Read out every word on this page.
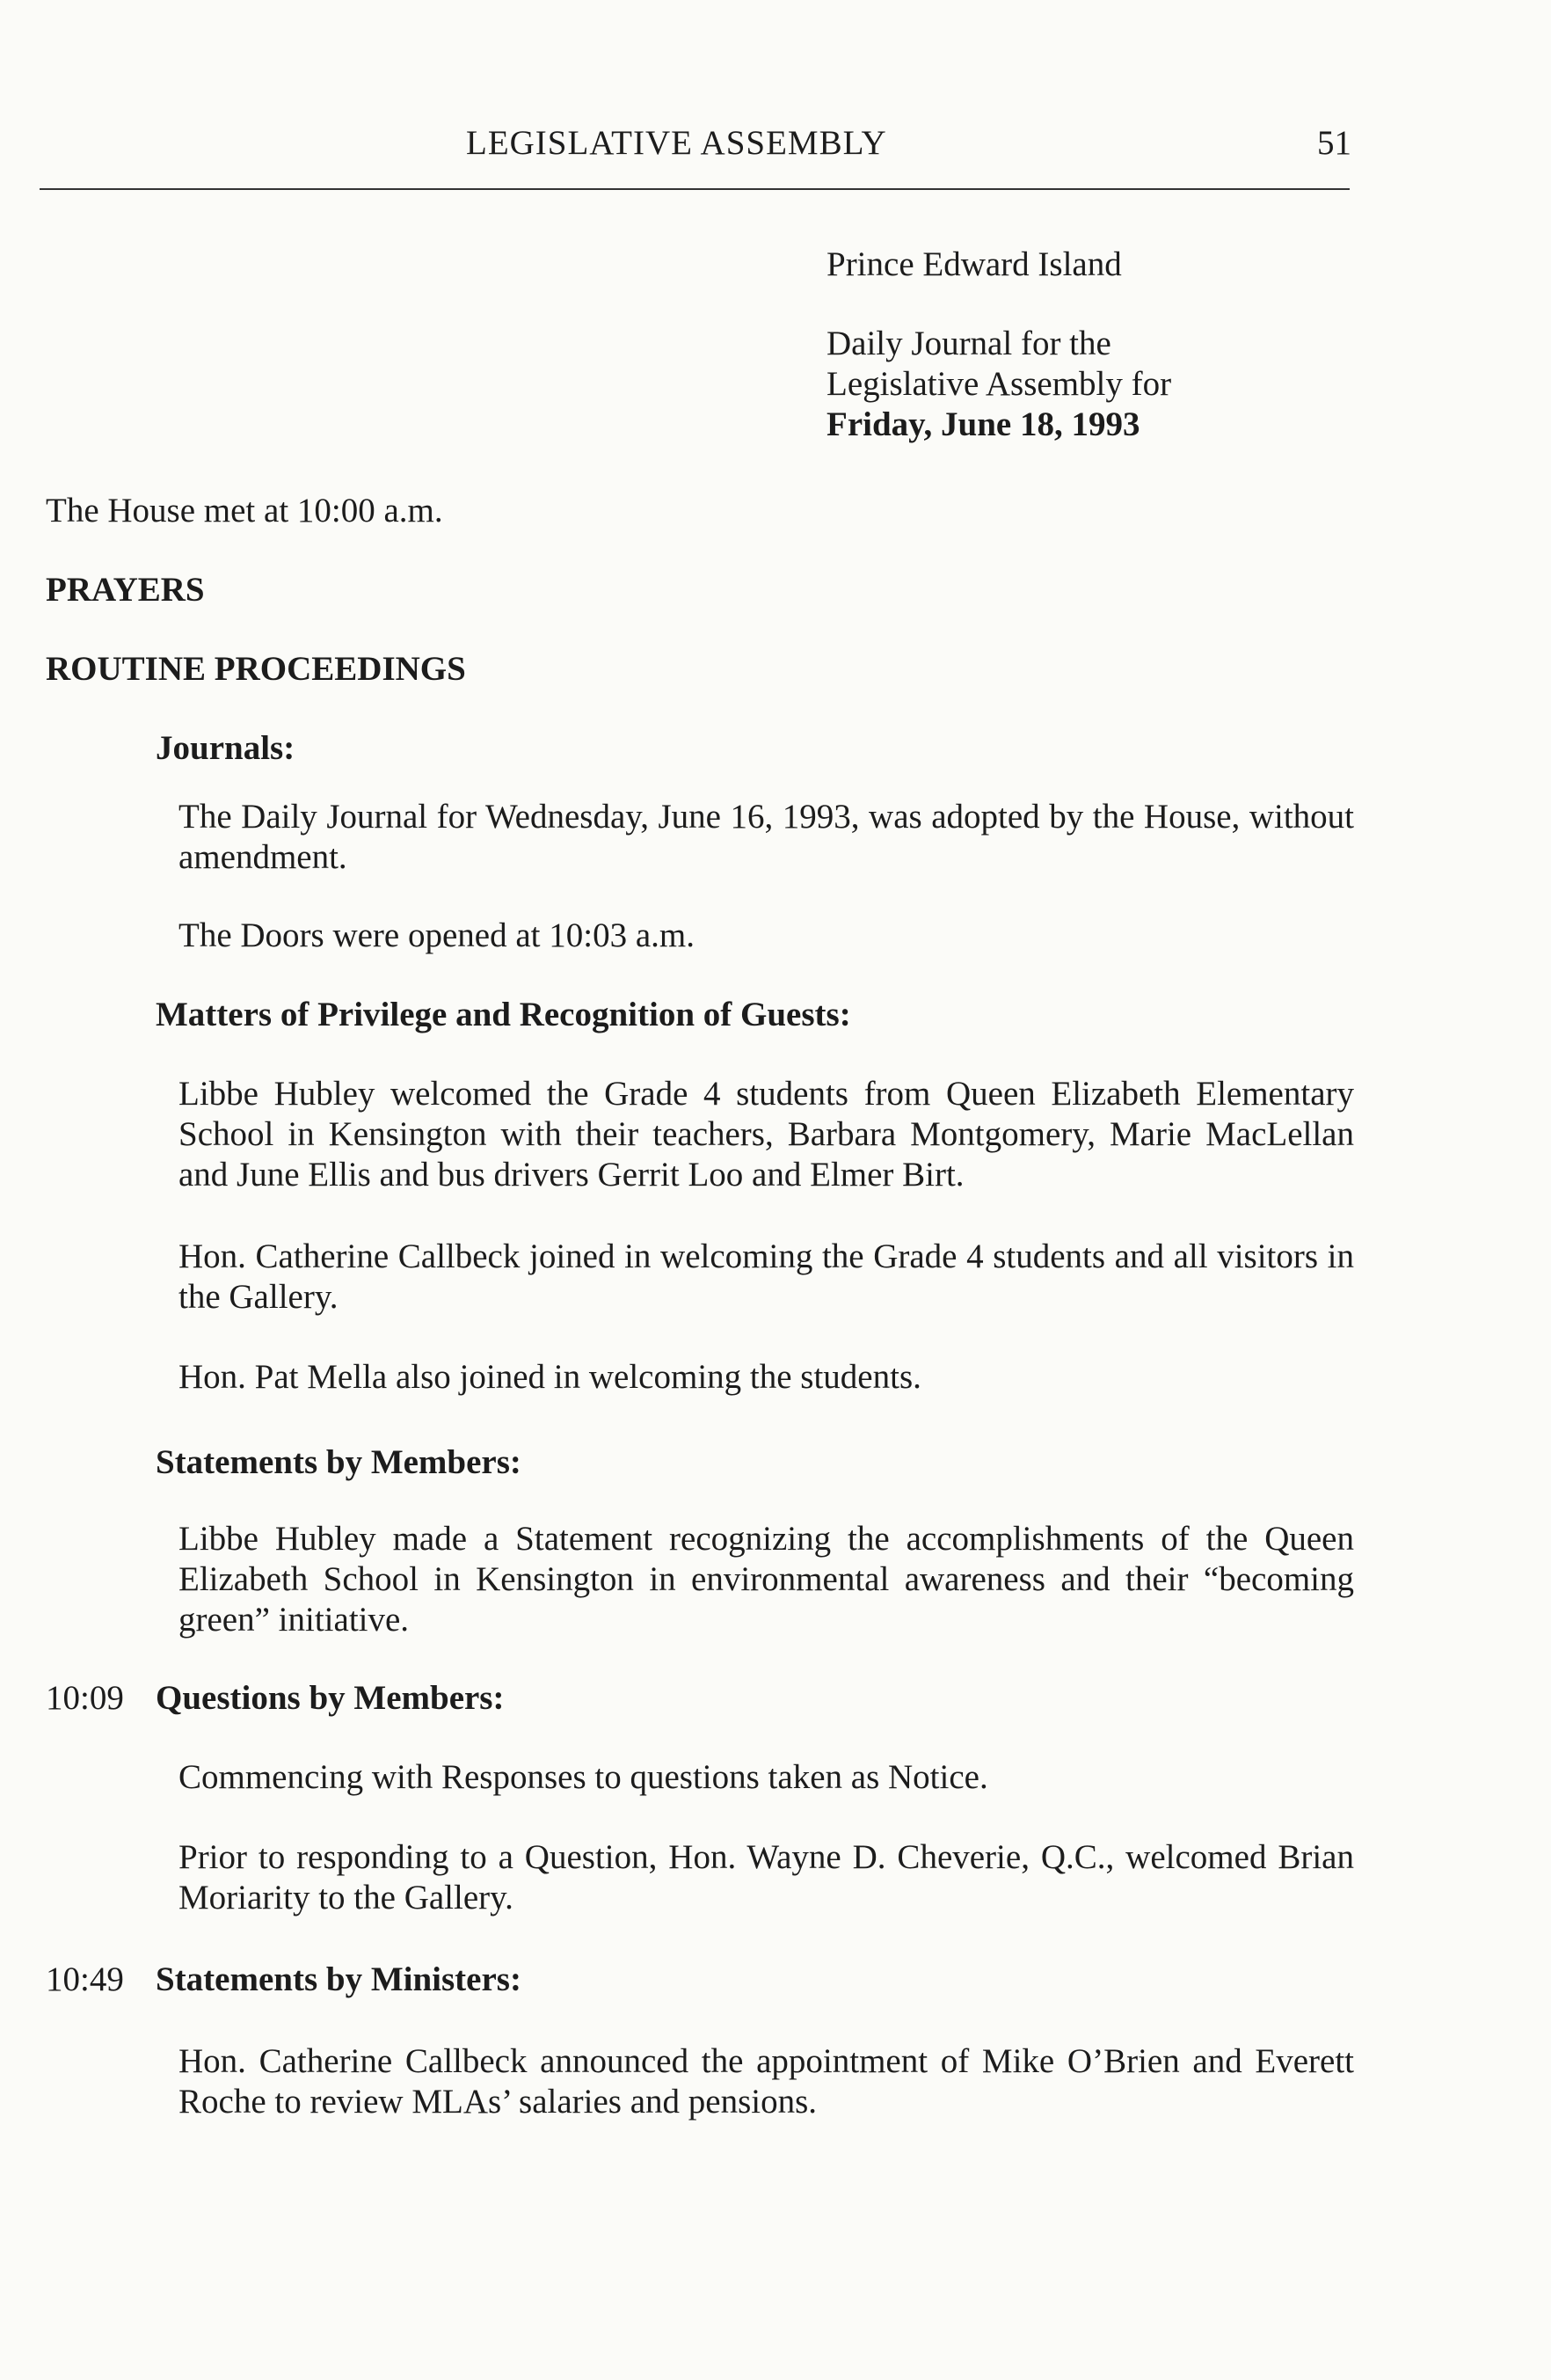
LEGISLATIVE ASSEMBLY	51

Prince Edward Island

Daily Journal for the

Legislative Assembly for

Friday, June 18, 1993

The House met at 10:00 a.m.

PRAYERS

ROUTINE PROCEEDINGS

Journals:

The Daily Journal for Wednesday, June 16, 1993, was adopted by the House, without amendment.

The Doors were opened at 10:03 a.m.

Matters of Privilege and Recognition of Guests:

Libbe Hubley welcomed the Grade 4 students from Queen Elizabeth Elementary School in Kensington with their teachers, Barbara Montgomery, Marie MacLellan and June Ellis and bus drivers Gerrit Loo and Elmer Birt.

Hon. Catherine Callbeck joined in welcoming the Grade 4 students and all visitors in the Gallery.

Hon. Pat Mella also joined in welcoming the students.

Statements by Members:

Libbe Hubley made a Statement recognizing the accomplishments of the Queen Elizabeth School in Kensington in environmental awareness and their “becoming green” initiative.

10:09 Questions by Members:

Commencing with Responses to questions taken as Notice.

Prior to responding to a Question, Hon. Wayne D. Cheverie, Q.C., welcomed Brian Moriarity to the Gallery.

10:49 Statements by Ministers:

Hon. Catherine Callbeck announced the appointment of Mike O’Brien and Everett Roche to review MLAs’ salaries and pensions.
